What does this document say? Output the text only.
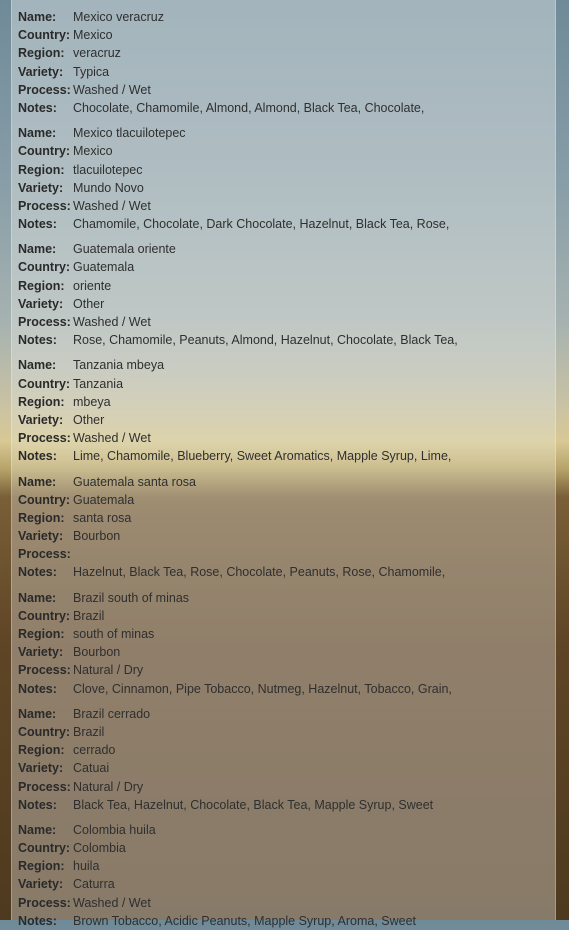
Name:	Mexico veracruz
Country: Mexico
Region: veracruz
Variety: Typica
Process: Washed / Wet
Notes:	Chocolate, Chamomile, Almond, Almond, Black Tea, Chocolate,
Name:	Mexico tlacuilotepec
Country: Mexico
Region: tlacuilotepec
Variety: Mundo Novo
Process: Washed / Wet
Notes:	Chamomile, Chocolate, Dark Chocolate, Hazelnut, Black Tea, Rose,
Name:	Guatemala oriente
Country: Guatemala
Region: oriente
Variety: Other
Process: Washed / Wet
Notes:	Rose, Chamomile, Peanuts, Almond, Hazelnut, Chocolate, Black Tea,
Name:	Tanzania mbeya
Country: Tanzania
Region: mbeya
Variety: Other
Process: Washed / Wet
Notes:	Lime, Chamomile, Blueberry, Sweet Aromatics, Mapple Syrup, Lime,
Name:	Guatemala santa rosa
Country: Guatemala
Region: santa rosa
Variety: Bourbon
Process:
Notes:	Hazelnut, Black Tea, Rose, Chocolate, Peanuts, Rose, Chamomile,
Name:	Brazil south of minas
Country: Brazil
Region: south of minas
Variety: Bourbon
Process: Natural / Dry
Notes:	Clove, Cinnamon, Pipe Tobacco, Nutmeg, Hazelnut, Tobacco, Grain,
Name:	Brazil cerrado
Country: Brazil
Region: cerrado
Variety: Catuai
Process: Natural / Dry
Notes:	Black Tea, Hazelnut, Chocolate, Black Tea, Mapple Syrup, Sweet
Name:	Colombia huila
Country: Colombia
Region: huila
Variety: Caturra
Process: Washed / Wet
Notes:	Brown Tobacco, Acidic Peanuts, Mapple Syrup, Aroma, Sweet
